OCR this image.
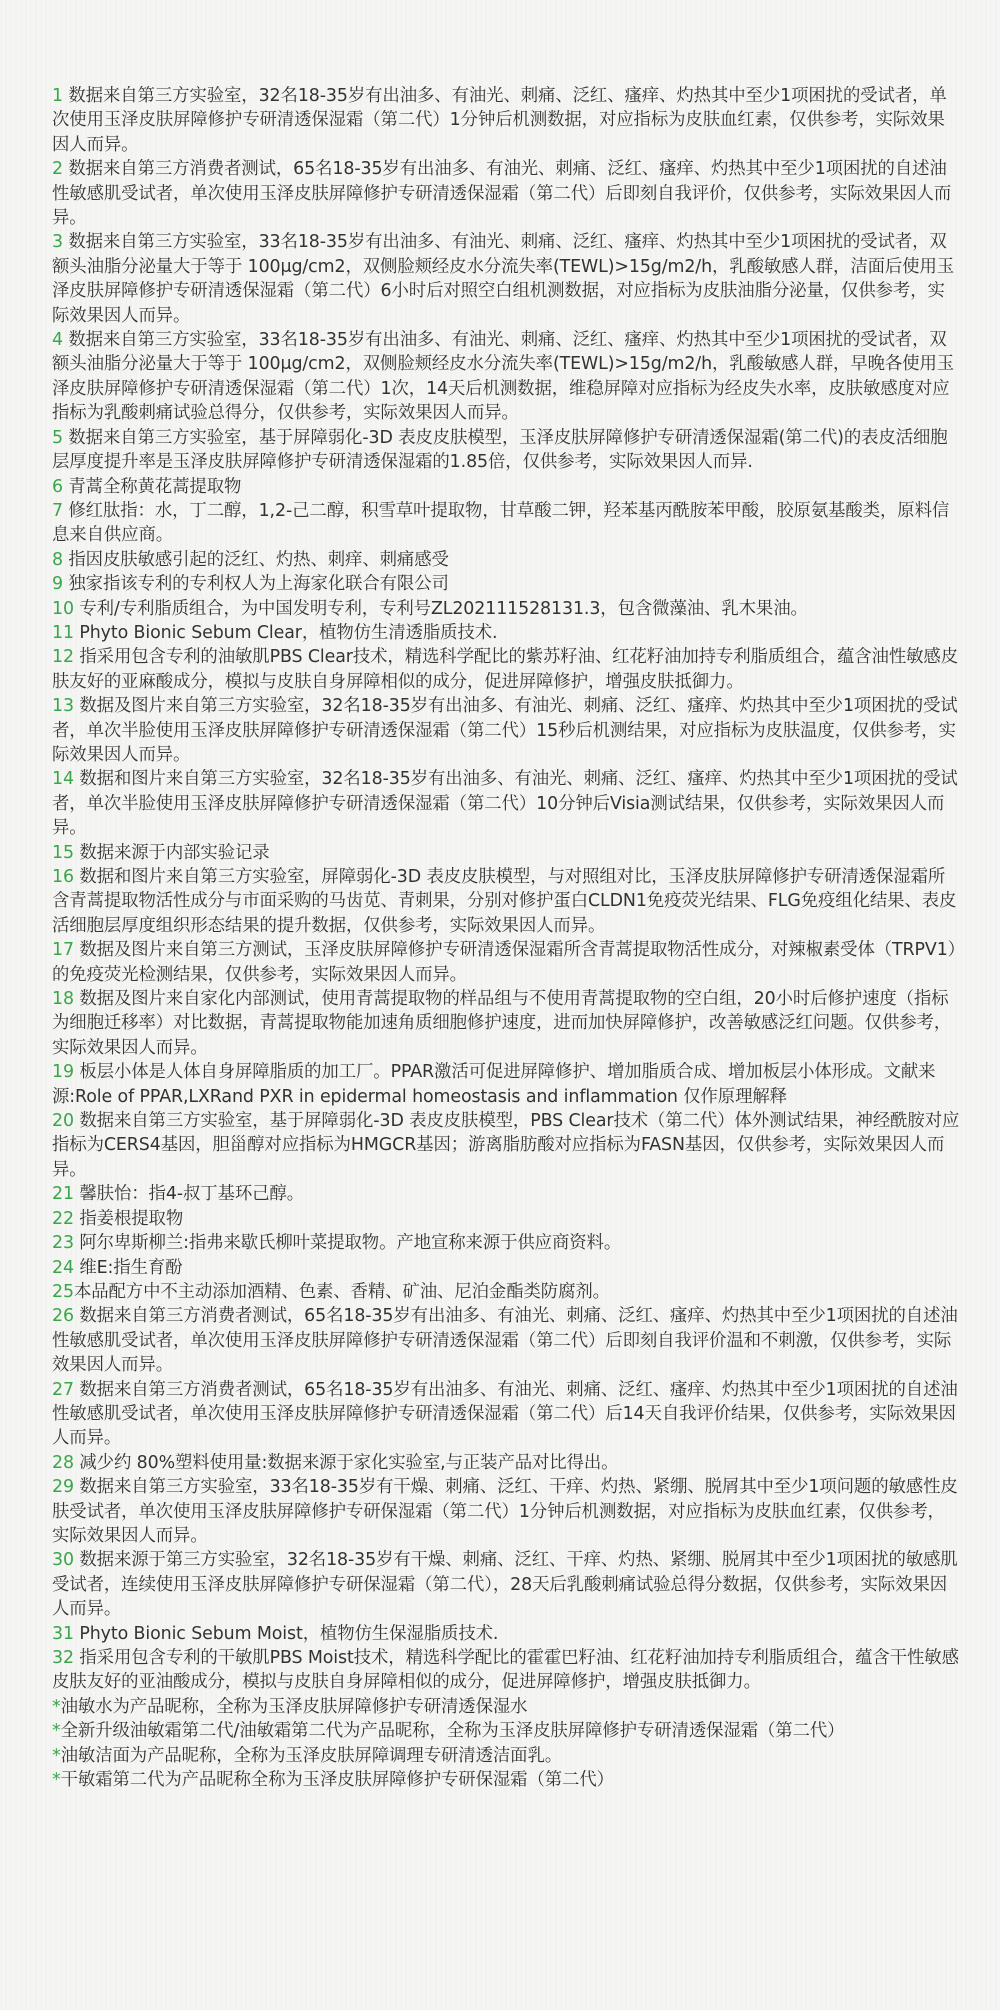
1 数据来自第三方实验室，32名18-35岁有出油多、有油光、刺痛、泛红、瘙痒、灼热其中至少1项困扰的受试者，单次使用玉泽皮肤屏障修护专研清透保湿霜（第二代）1分钟后机测数据，对应指标为皮肤血红素，仅供参考，实际效果因人而异。

2 数据来自第三方消费者测试，65名18-35岁有出油多、有油光、刺痛、泛红、瘙痒、灼热其中至少1项困扰的自述油性敏感肌受试者，单次使用玉泽皮肤屏障修护专研清透保湿霜（第二代）后即刻自我评价，仅供参考，实际效果因人而异。

3 数据来自第三方实验室，33名18-35岁有出油多、有油光、刺痛、泛红、瘙痒、灼热其中至少1项困扰的受试者，双额头油脂分泌量大于等于 100μg/cm2，双侧脸颊经皮水分流失率(TEWL)>15g/m2/h，乳酸敏感人群，洁面后使用玉泽皮肤屏障修护专研清透保湿霜（第二代）6小时后对照空白组机测数据，对应指标为皮肤油脂分泌量，仅供参考，实际效果因人而异。

4 数据来自第三方实验室，33名18-35岁有出油多、有油光、刺痛、泛红、瘙痒、灼热其中至少1项困扰的受试者，双额头油脂分泌量大于等于 100μg/cm2，双侧脸颊经皮水分流失率(TEWL)>15g/m2/h，乳酸敏感人群，早晚各使用玉泽皮肤屏障修护专研清透保湿霜（第二代）1次，14天后机测数据，维稳屏障对应指标为经皮失水率，皮肤敏感度对应指标为乳酸刺痛试验总得分，仅供参考，实际效果因人而异。

5 数据来自第三方实验室，基于屏障弱化-3D 表皮皮肤模型，玉泽皮肤屏障修护专研清透保湿霜(第二代)的表皮活细胞层厚度提升率是玉泽皮肤屏障修护专研清透保湿霜的1.85倍，仅供参考，实际效果因人而异.

6 青蒿全称黄花蒿提取物

7 修红肽指：水，丁二醇，1,2-己二醇，积雪草叶提取物，甘草酸二钾，羟苯基丙酰胺苯甲酸，胶原氨基酸类，原料信息来自供应商。

8 指因皮肤敏感引起的泛红、灼热、刺痒、刺痛感受

9 独家指该专利的专利权人为上海家化联合有限公司

10 专利/专利脂质组合，为中国发明专利，专利号ZL202111528131.3，包含微藻油、乳木果油。

11 Phyto Bionic Sebum Clear，植物仿生清透脂质技术.

12 指采用包含专利的油敏肌PBS Clear技术，精选科学配比的紫苏籽油、红花籽油加持专利脂质组合，蕴含油性敏感皮肤友好的亚麻酸成分，模拟与皮肤自身屏障相似的成分，促进屏障修护，增强皮肤抵御力。

13 数据及图片来自第三方实验室，32名18-35岁有出油多、有油光、刺痛、泛红、瘙痒、灼热其中至少1项困扰的受试者，单次半脸使用玉泽皮肤屏障修护专研清透保湿霜（第二代）15秒后机测结果，对应指标为皮肤温度，仅供参考，实际效果因人而异。

14 数据和图片来自第三方实验室，32名18-35岁有出油多、有油光、刺痛、泛红、瘙痒、灼热其中至少1项困扰的受试者，单次半脸使用玉泽皮肤屏障修护专研清透保湿霜（第二代）10分钟后Visia测试结果，仅供参考，实际效果因人而异。

15 数据来源于内部实验记录

16 数据和图片来自第三方实验室，屏障弱化-3D 表皮皮肤模型，与对照组对比，玉泽皮肤屏障修护专研清透保湿霜所含青蒿提取物活性成分与市面采购的马齿苋、青刺果，分别对修护蛋白CLDN1免疫荧光结果、FLG免疫组化结果、表皮活细胞层厚度组织形态结果的提升数据，仅供参考，实际效果因人而异。

17 数据及图片来自第三方测试，玉泽皮肤屏障修护专研清透保湿霜所含青蒿提取物活性成分，对辣椒素受体（TRPV1）的免疫荧光检测结果，仅供参考，实际效果因人而异。

18 数据及图片来自家化内部测试，使用青蒿提取物的样品组与不使用青蒿提取物的空白组，20小时后修护速度（指标为细胞迁移率）对比数据，青蒿提取物能加速角质细胞修护速度，进而加快屏障修护，改善敏感泛红问题。仅供参考，实际效果因人而异。

19 板层小体是人体自身屏障脂质的加工厂。PPAR激活可促进屏障修护、增加脂质合成、增加板层小体形成。文献来源:Role of PPAR,LXRand PXR in epidermal homeostasis and inflammation 仅作原理解释

20 数据来自第三方实验室，基于屏障弱化-3D 表皮皮肤模型，PBS Clear技术（第二代）体外测试结果，神经酰胺对应指标为CERS4基因，胆甾醇对应指标为HMGCR基因；游离脂肪酸对应指标为FASN基因，仅供参考，实际效果因人而异。

21 馨肤怡：指4-叔丁基环己醇。

22 指姜根提取物

23 阿尔卑斯柳兰:指弗来歇氏柳叶菜提取物。产地宣称来源于供应商资料。

24 维E:指生育酚

25本品配方中不主动添加酒精、色素、香精、矿油、尼泊金酯类防腐剂。

26 数据来自第三方消费者测试，65名18-35岁有出油多、有油光、刺痛、泛红、瘙痒、灼热其中至少1项困扰的自述油性敏感肌受试者，单次使用玉泽皮肤屏障修护专研清透保湿霜（第二代）后即刻自我评价温和不刺激，仅供参考，实际效果因人而异。

27 数据来自第三方消费者测试，65名18-35岁有出油多、有油光、刺痛、泛红、瘙痒、灼热其中至少1项困扰的自述油性敏感肌受试者，单次使用玉泽皮肤屏障修护专研清透保湿霜（第二代）后14天自我评价结果，仅供参考，实际效果因人而异。

28 减少约 80%塑料使用量:数据来源于家化实验室,与正装产品对比得出。

29 数据来自第三方实验室，33名18-35岁有干燥、刺痛、泛红、干痒、灼热、紧绷、脱屑其中至少1项问题的敏感性皮肤受试者，单次使用玉泽皮肤屏障修护专研保湿霜（第二代）1分钟后机测数据，对应指标为皮肤血红素，仅供参考，实际效果因人而异。

30 数据来源于第三方实验室，32名18-35岁有干燥、刺痛、泛红、干痒、灼热、紧绷、脱屑其中至少1项困扰的敏感肌受试者，连续使用玉泽皮肤屏障修护专研保湿霜（第二代），28天后乳酸刺痛试验总得分数据，仅供参考，实际效果因人而异。

31 Phyto Bionic Sebum Moist，植物仿生保湿脂质技术.

32 指采用包含专利的干敏肌PBS Moist技术，精选科学配比的霍霍巴籽油、红花籽油加持专利脂质组合，蕴含干性敏感皮肤友好的亚油酸成分，模拟与皮肤自身屏障相似的成分，促进屏障修护，增强皮肤抵御力。

*油敏水为产品昵称，全称为玉泽皮肤屏障修护专研清透保湿水

*全新升级油敏霜第二代/油敏霜第二代为产品昵称，全称为玉泽皮肤屏障修护专研清透保湿霜（第二代）

*油敏洁面为产品昵称，全称为玉泽皮肤屏障调理专研清透洁面乳。

*干敏霜第二代为产品昵称全称为玉泽皮肤屏障修护专研保湿霜（第二代）
